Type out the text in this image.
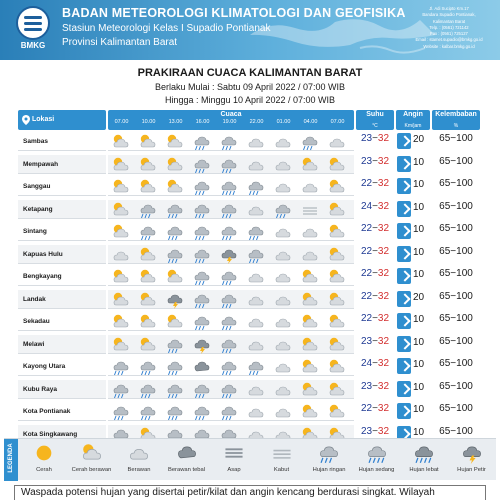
BMKG
BADAN METEOROLOGI KLIMATOLOGI DAN GEOFISIKA
Stasiun Meteorologi Kelas I Supadio Pontianak
Provinsi Kalimantan Barat
Jl. Adi Sucipto Km.17
Bandara Supadio Pontianak,
Kalimantan Barat
Telp. : (0561) 721142
Fax : (0561) 725127
Email : stamet.supadio@bmkg.go.id
Website : kalbar.bmkg.go.id
PRAKIRAAN CUACA KALIMANTAN BARAT
Berlaku Mulai : Sabtu 09 April 2022 / 07:00 WIB
Hingga : Minggu 10 April 2022 / 07:00 WIB
Lokasi
Cuaca
07.00	10.00	13.00	16.00	19.00	22.00	01.00	04.00	07.00
Suhu
°C
Angin
Km/jam
Kelembaban
%
Sambas	23−32	20	65−100
Mempawah	23−32	10	65−100
Sanggau	22−32	10	65−100
Ketapang	24−32	10	65−100
Sintang	22−32	10	65−100
Kapuas Hulu	22−32	10	65−100
Bengkayang	22−32	10	65−100
Landak	22−32	20	65−100
Sekadau	22−32	10	65−100
Melawi	23−32	10	65−100
Kayong Utara	24−32	10	65−100
Kubu Raya	23−32	10	65−100
Kota Pontianak	22−32	10	65−100
Kota Singkawang	23−32	10	65−100
LEGENDA	Cerah	Cerah berawan	Berawan	Berawan tebal	Asap	Kabut	Hujan ringan	Hujan sedang	Hujan lebat	Hujan Petir
Waspada potensi hujan yang disertai petir/kilat dan angin kencang berdurasi singkat. Wilayah
